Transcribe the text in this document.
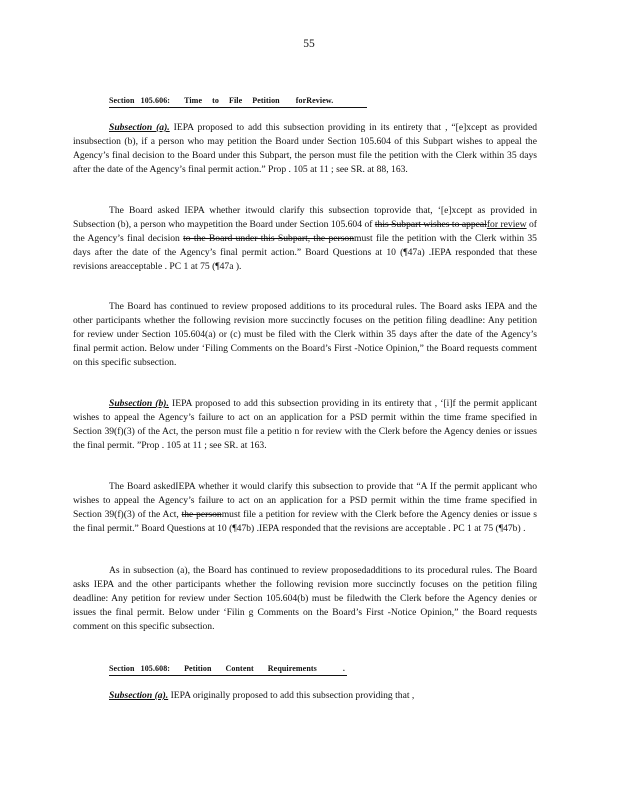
55
Section 105.606: Time to File Petition forReview.

Subsection (a). IEPA proposed to add this subsection providing in its entirety that , “[e]xcept as provided insubsection (b), if a person who may petition the Board under Section 105.604 of this Subpart wishes to appeal the Agency’s final decision to the Board under this Subpart, the person must file the petition with the Clerk within 35 days after the date of the Agency’s final permit action.” Prop . 105 at 11 ; see SR. at 88, 163.

The Board asked IEPA whether itwould clarify this subsection toprovide that, ‘[e]xcept as provided in Subsection (b), a person who maypetition the Board under Section 105.604 of this Subpart wishes to appealfor review of the Agency’s final decision to the Board under this Subpart, the personmust file the petition with the Clerk within 35 days after the date of the Agency’s final permit action.” Board Questions at 10 (¶47a) .IEPA responded that these revisions areacceptable . PC 1 at 75 (¶47a ).

The Board has continued to review proposed additions to its procedural rules. The Board asks IEPA and the other participants whether the following revision more succinctly focuses on the petition filing deadline: Any petition for review under Section 105.604(a) or (c) must be filed with the Clerk within 35 days after the date of the Agency’s final permit action. Below under ‘Filing Comments on the Board’s First -Notice Opinion,” the Board requests comment on this specific subsection.

Subsection (b). IEPA proposed to add this subsection providing in its entirety that , ‘[i]f the permit applicant wishes to appeal the Agency’s failure to act on an application for a PSD permit within the time frame specified in Section 39(f)(3) of the Act, the person must file a petitio n for review with the Clerk before the Agency denies or issues the final permit. ”Prop . 105 at 11 ; see SR. at 163.

The Board askedIEPA whether it would clarify this subsection to provide that “A If the permit applicant who wishes to appeal the Agency’s failure to act on an application for a PSD permit within the time frame specified in Section 39(f)(3) of the Act, the personmust file a petition for review with the Clerk before the Agency denies or issue s the final permit.” Board Questions at 10 (¶47b) .IEPA responded that the revisions are acceptable . PC 1 at 75 (¶47b) .

As in subsection (a), the Board has continued to review proposedadditions to its procedural rules. The Board asks IEPA and the other participants whether the following revision more succinctly focuses on the petition filing deadline: Any petition for review under Section 105.604(b) must be filedwith the Clerk before the Agency denies or issues the final permit. Below under ‘Filin g Comments on the Board’s First -Notice Opinion,” the Board requests comment on this specific subsection.

Section 105.608: Petition Content Requirements	.

Subsection (a). IEPA originally proposed to add this subsection providing that ,
